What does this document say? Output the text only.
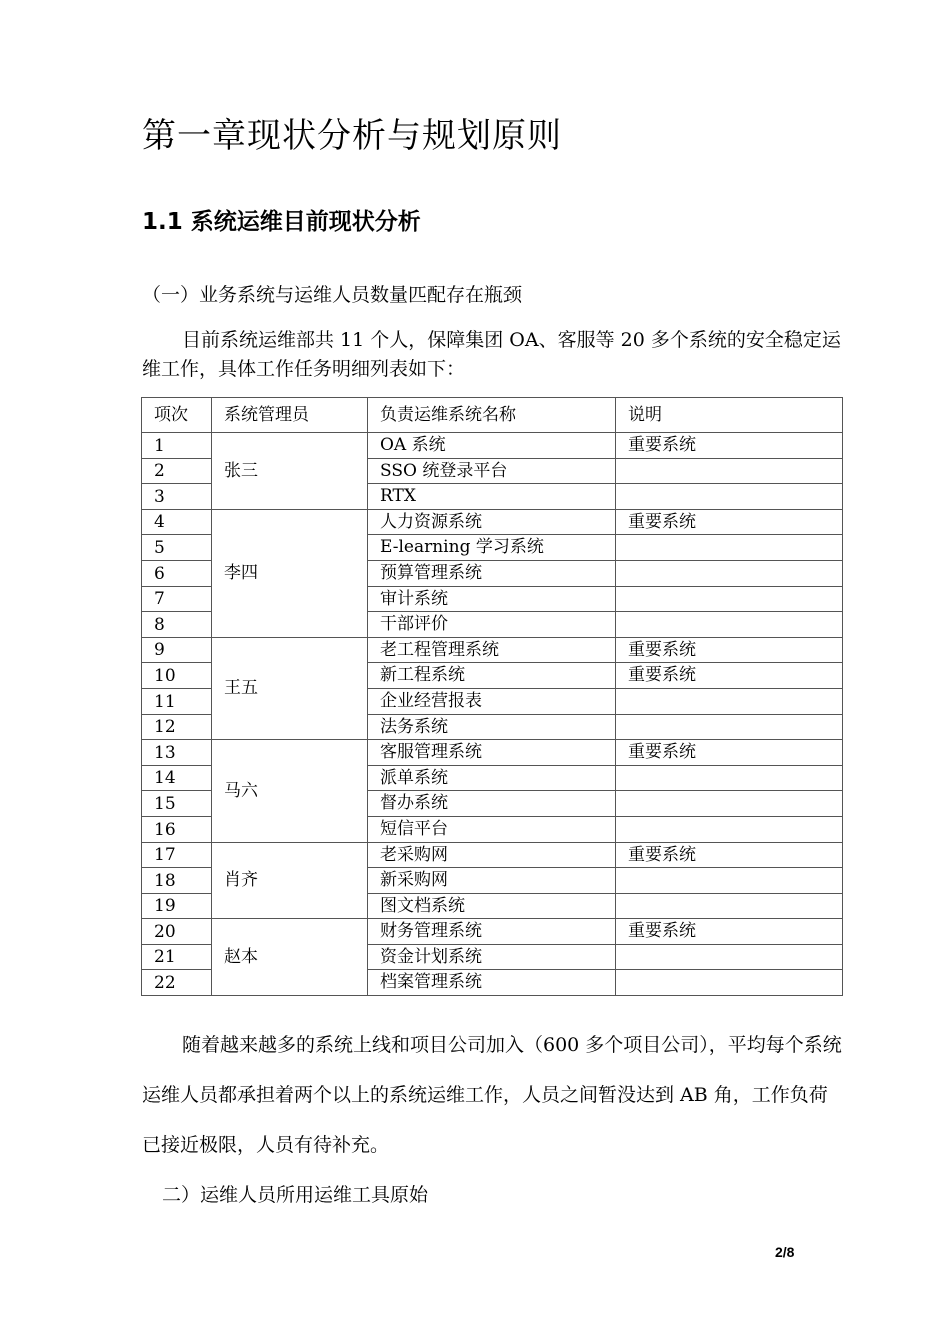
第一章现状分析与规划原则
1.1 系统运维目前现状分析
（一）业务系统与运维人员数量匹配存在瓶颈
目前系统运维部共 11 个人，保障集团 OA、客服等 20 多个系统的安全稳定运维工作，具体工作任务明细列表如下：
项次	系统管理员	负责运维系统名称	说明
1	张三	OA 系统	重要系统
2		SSO 统登录平台	
3		RTX	
4	李四	人力资源系统	重要系统
5		E-learning 学习系统	
6		预算管理系统	
7		审计系统	
8		干部评价	
9	王五	老工程管理系统	重要系统
10		新工程系统	重要系统
11		企业经营报表	
12		法务系统	
13	马六	客服管理系统	重要系统
14		派单系统	
15		督办系统	
16		短信平台	
17	肖齐	老采购网	重要系统
18		新采购网	
19		图文档系统	
20	赵本	财务管理系统	重要系统
21		资金计划系统	
22		档案管理系统	
随着越来越多的系统上线和项目公司加入（600 多个项目公司），平均每个系统运维人员都承担着两个以上的系统运维工作，人员之间暂没达到 AB 角，工作负荷已接近极限，人员有待补充。
二）运维人员所用运维工具原始
2/8
